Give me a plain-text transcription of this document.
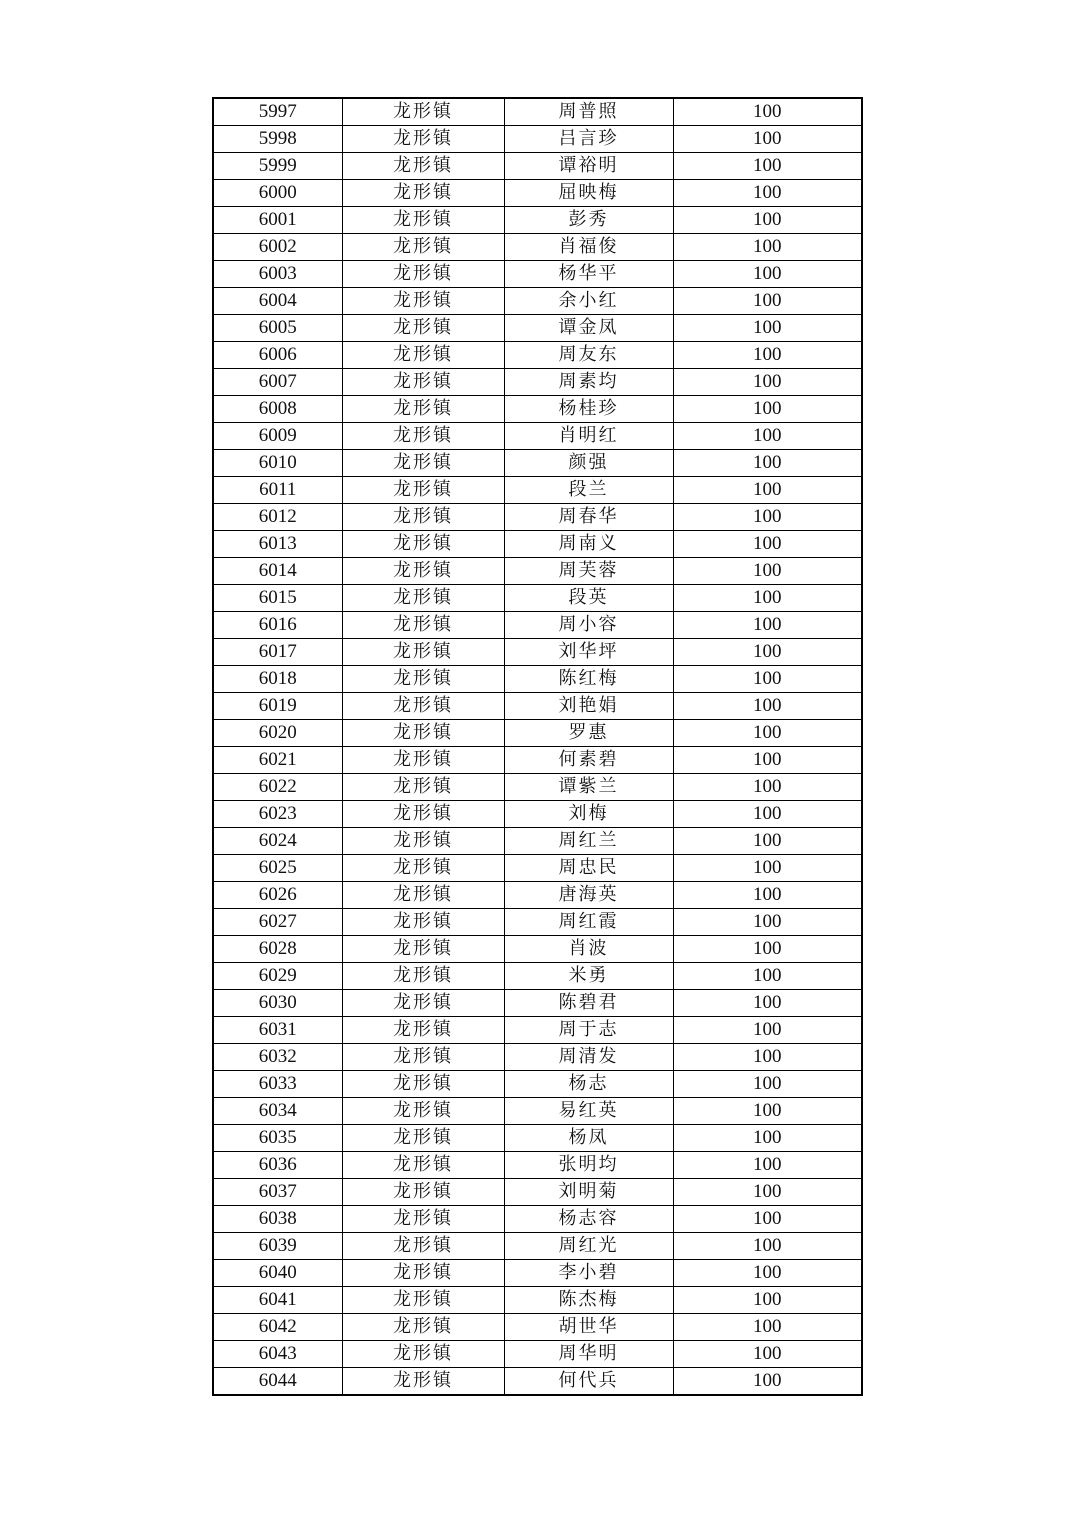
5997	龙形镇	周普照	100
5998	龙形镇	吕言珍	100
5999	龙形镇	谭裕明	100
6000	龙形镇	屈映梅	100
6001	龙形镇	彭秀	100
6002	龙形镇	肖福俊	100
6003	龙形镇	杨华平	100
6004	龙形镇	余小红	100
6005	龙形镇	谭金凤	100
6006	龙形镇	周友东	100
6007	龙形镇	周素均	100
6008	龙形镇	杨桂珍	100
6009	龙形镇	肖明红	100
6010	龙形镇	颜强	100
6011	龙形镇	段兰	100
6012	龙形镇	周春华	100
6013	龙形镇	周南义	100
6014	龙形镇	周芙蓉	100
6015	龙形镇	段英	100
6016	龙形镇	周小容	100
6017	龙形镇	刘华坪	100
6018	龙形镇	陈红梅	100
6019	龙形镇	刘艳娟	100
6020	龙形镇	罗惠	100
6021	龙形镇	何素碧	100
6022	龙形镇	谭紫兰	100
6023	龙形镇	刘梅	100
6024	龙形镇	周红兰	100
6025	龙形镇	周忠民	100
6026	龙形镇	唐海英	100
6027	龙形镇	周红霞	100
6028	龙形镇	肖波	100
6029	龙形镇	米勇	100
6030	龙形镇	陈碧君	100
6031	龙形镇	周于志	100
6032	龙形镇	周清发	100
6033	龙形镇	杨志	100
6034	龙形镇	易红英	100
6035	龙形镇	杨凤	100
6036	龙形镇	张明均	100
6037	龙形镇	刘明菊	100
6038	龙形镇	杨志容	100
6039	龙形镇	周红光	100
6040	龙形镇	李小碧	100
6041	龙形镇	陈杰梅	100
6042	龙形镇	胡世华	100
6043	龙形镇	周华明	100
6044	龙形镇	何代兵	100
